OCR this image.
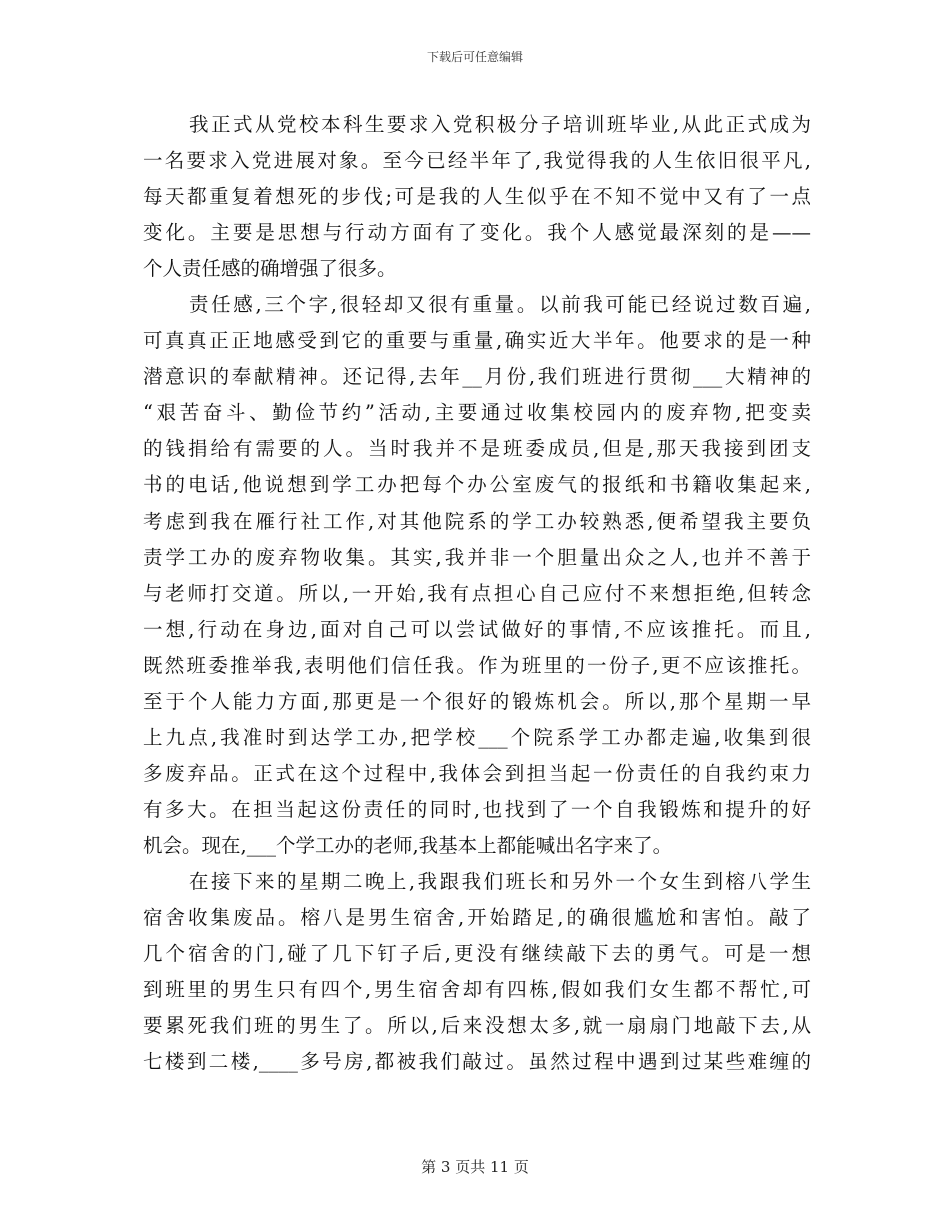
下载后可任意编辑
我正式从党校本科生要求入党积极分子培训班毕业,从此正式成为
一名要求入党进展对象。至今已经半年了,我觉得我的人生依旧很平凡,
每天都重复着想死的步伐;可是我的人生似乎在不知不觉中又有了一点
变化。主要是思想与行动方面有了变化。我个人感觉最深刻的是——
个人责任感的确增强了很多。
责任感,三个字,很轻却又很有重量。以前我可能已经说过数百遍,
可真真正正地感受到它的重要与重量,确实近大半年。他要求的是一种
潜意识的奉献精神。还记得,去年__月份,我们班进行贯彻___大精神的
“艰苦奋斗、勤俭节约”活动,主要通过收集校园内的废弃物,把变卖
的钱捐给有需要的人。当时我并不是班委成员,但是,那天我接到团支
书的电话,他说想到学工办把每个办公室废气的报纸和书籍收集起来,
考虑到我在雁行社工作,对其他院系的学工办较熟悉,便希望我主要负
责学工办的废弃物收集。其实,我并非一个胆量出众之人,也并不善于
与老师打交道。所以,一开始,我有点担心自己应付不来想拒绝,但转念
一想,行动在身边,面对自己可以尝试做好的事情,不应该推托。而且,
既然班委推举我,表明他们信任我。作为班里的一份子,更不应该推托。
至于个人能力方面,那更是一个很好的锻炼机会。所以,那个星期一早
上九点,我准时到达学工办,把学校___个院系学工办都走遍,收集到很
多废弃品。正式在这个过程中,我体会到担当起一份责任的自我约束力
有多大。在担当起这份责任的同时,也找到了一个自我锻炼和提升的好
机会。现在,___个学工办的老师,我基本上都能喊出名字来了。
在接下来的星期二晚上,我跟我们班长和另外一个女生到榕八学生
宿舍收集废品。榕八是男生宿舍,开始踏足,的确很尴尬和害怕。敲了
几个宿舍的门,碰了几下钉子后,更没有继续敲下去的勇气。可是一想
到班里的男生只有四个,男生宿舍却有四栋,假如我们女生都不帮忙,可
要累死我们班的男生了。所以,后来没想太多,就一扇扇门地敲下去,从
七楼到二楼,____多号房,都被我们敲过。虽然过程中遇到过某些难缠的
第 3 页共 11 页
